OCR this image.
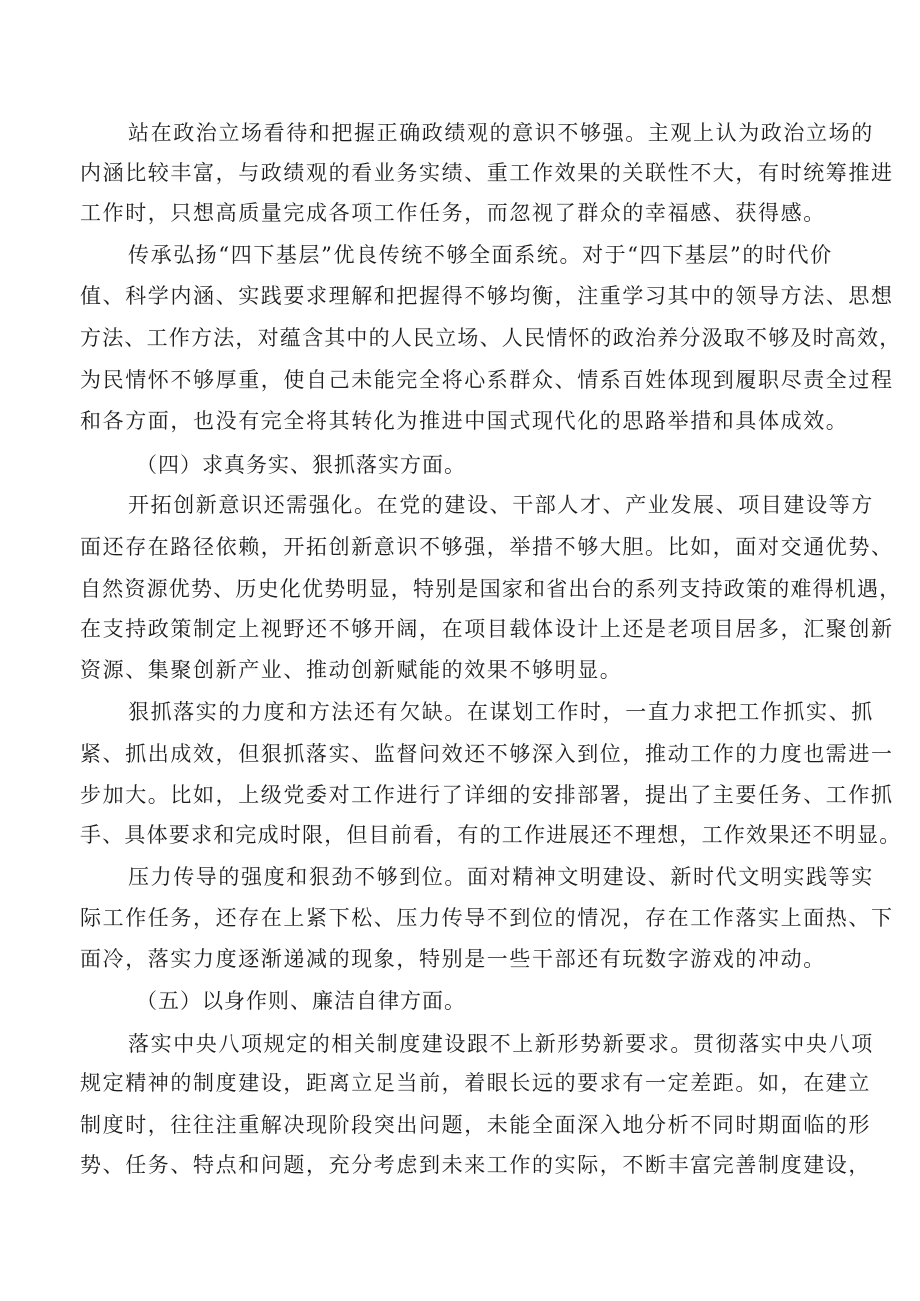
站在政治立场看待和把握正确政绩观的意识不够强。主观上认为政治立场的
内涵比较丰富，与政绩观的看业务实绩、重工作效果的关联性不大，有时统筹推进
工作时，只想高质量完成各项工作任务，而忽视了群众的幸福感、获得感。
传承弘扬“四下基层”优良传统不够全面系统。对于“四下基层”的时代价
值、科学内涵、实践要求理解和把握得不够均衡，注重学习其中的领导方法、思想
方法、工作方法，对蕴含其中的人民立场、人民情怀的政治养分汲取不够及时高效，
为民情怀不够厚重，使自己未能完全将心系群众、情系百姓体现到履职尽责全过程
和各方面，也没有完全将其转化为推进中国式现代化的思路举措和具体成效。
（四）求真务实、狠抓落实方面。
开拓创新意识还需强化。在党的建设、干部人才、产业发展、项目建设等方
面还存在路径依赖，开拓创新意识不够强，举措不够大胆。比如，面对交通优势、
自然资源优势、历史化优势明显，特别是国家和省出台的系列支持政策的难得机遇，
在支持政策制定上视野还不够开阔，在项目载体设计上还是老项目居多，汇聚创新
资源、集聚创新产业、推动创新赋能的效果不够明显。
狠抓落实的力度和方法还有欠缺。在谋划工作时，一直力求把工作抓实、抓
紧、抓出成效，但狠抓落实、监督问效还不够深入到位，推动工作的力度也需进一
步加大。比如，上级党委对工作进行了详细的安排部署，提出了主要任务、工作抓
手、具体要求和完成时限，但目前看，有的工作进展还不理想，工作效果还不明显。
压力传导的强度和狠劲不够到位。面对精神文明建设、新时代文明实践等实
际工作任务，还存在上紧下松、压力传导不到位的情况，存在工作落实上面热、下
面冷，落实力度逐渐递减的现象，特别是一些干部还有玩数字游戏的冲动。
（五）以身作则、廉洁自律方面。
落实中央八项规定的相关制度建设跟不上新形势新要求。贯彻落实中央八项
规定精神的制度建设，距离立足当前，着眼长远的要求有一定差距。如，在建立
制度时，往往注重解决现阶段突出问题，未能全面深入地分析不同时期面临的形
势、任务、特点和问题，充分考虑到未来工作的实际，不断丰富完善制度建设，
